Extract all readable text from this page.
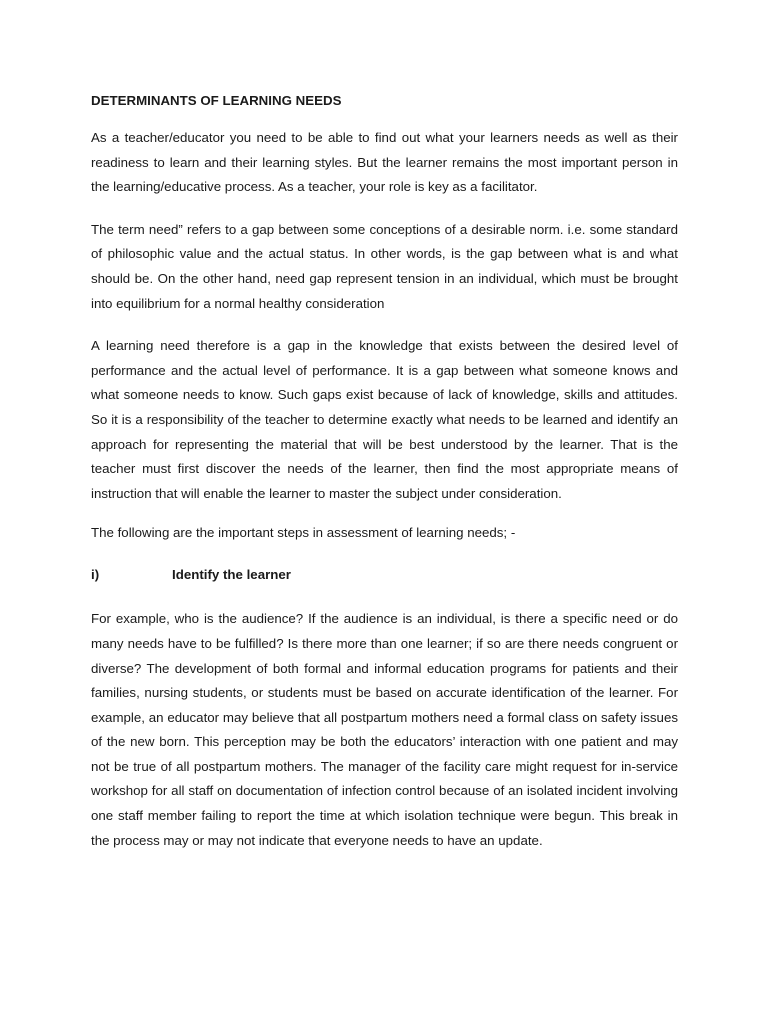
DETERMINANTS OF LEARNING NEEDS

As a teacher/educator you need to be able to find out what your learners needs as well as their readiness to learn and their learning styles. But the learner remains the most important person in the learning/educative process. As a teacher, your role is key as a facilitator.

The term need” refers to a gap between some conceptions of a desirable norm. i.e. some standard of philosophic value and the actual status. In other words, is the gap between what is and what should be. On the other hand, need gap represent tension in an individual, which must be brought into equilibrium for a normal healthy consideration

A learning need therefore is a gap in the knowledge that exists between the desired level of performance and the actual level of performance. It is a gap between what someone knows and what someone needs to know. Such gaps exist because of lack of knowledge, skills and attitudes. So it is a responsibility of the teacher to determine exactly what needs to be learned and identify an approach for representing the material that will be best understood by the learner. That is the teacher must first discover the needs of the learner, then find the most appropriate means of instruction that will enable the learner to master the subject under consideration.

The following are the important steps in assessment of learning needs; -

i)	Identify the learner

For example, who is the audience? If the audience is an individual, is there a specific need or do many needs have to be fulfilled? Is there more than one learner; if so are there needs congruent or diverse? The development of both formal and informal education programs for patients and their families, nursing students, or students must be based on accurate identification of the learner. For example, an educator may believe that all postpartum mothers need a formal class on safety issues of the new born. This perception may be both the educators’ interaction with one patient and may not be true of all postpartum mothers. The manager of the facility care might request for in-service workshop for all staff on documentation of infection control because of an isolated incident involving one staff member failing to report the time at which isolation technique were begun. This break in the process may or may not indicate that everyone needs to have an update.
